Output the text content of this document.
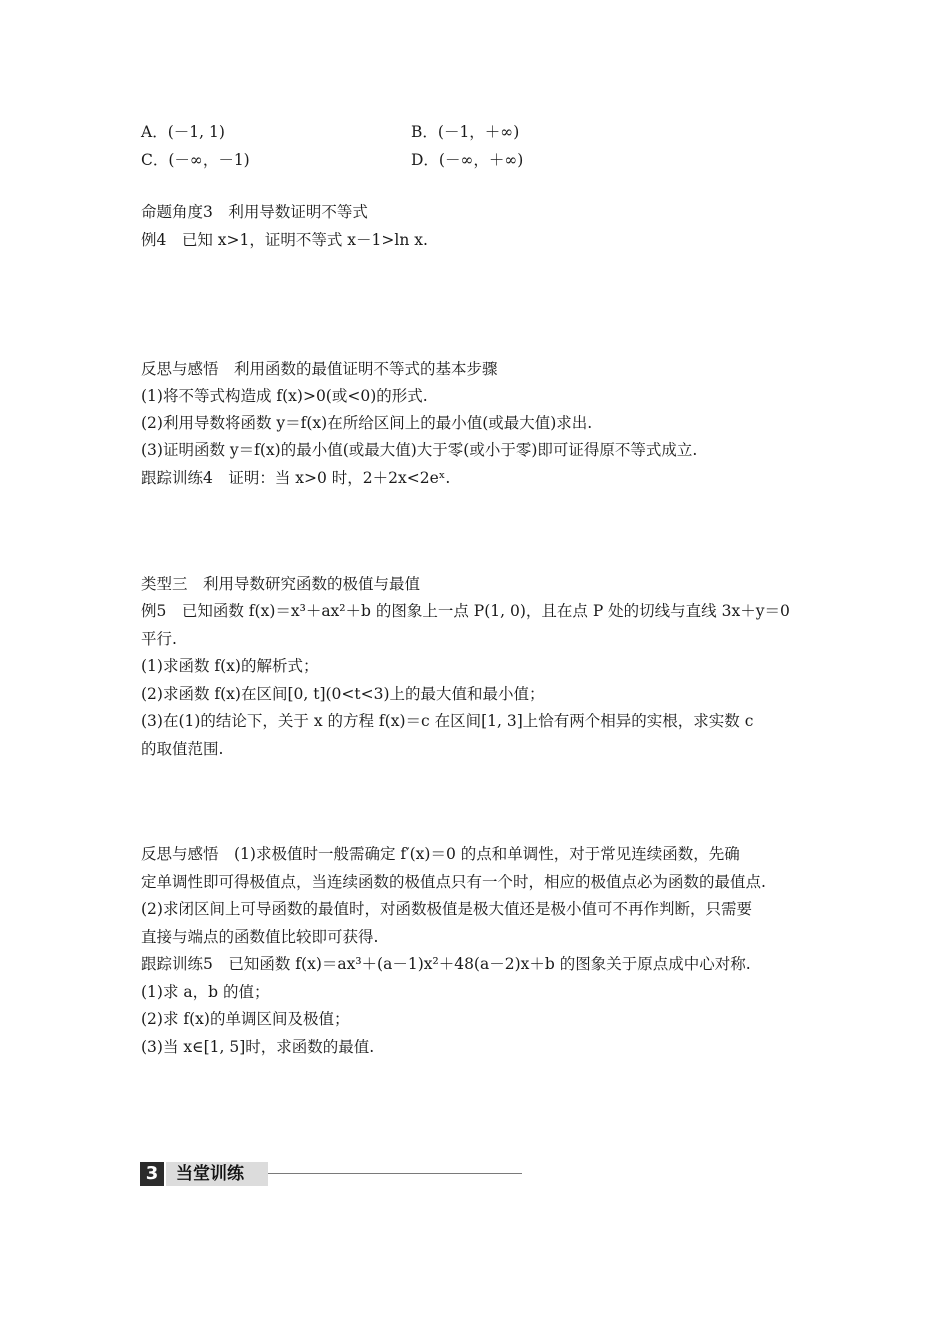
A．(－1, 1)	B．(－1，＋∞)
C．(－∞，－1)	D．(－∞，＋∞)
命题角度3　利用导数证明不等式
例4　已知 x>1，证明不等式 x－1>ln x.
反思与感悟　利用函数的最值证明不等式的基本步骤
(1)将不等式构造成 f(x)>0(或<0)的形式.
(2)利用导数将函数 y＝f(x)在所给区间上的最小值(或最大值)求出.
(3)证明函数 y＝f(x)的最小值(或最大值)大于零(或小于零)即可证得原不等式成立.
跟踪训练4　证明：当 x>0 时，2＋2x<2eˣ.
类型三　利用导数研究函数的极值与最值
例5　已知函数 f(x)＝x³＋ax²＋b 的图象上一点 P(1, 0)，且在点 P 处的切线与直线 3x＋y＝0
平行.
(1)求函数 f(x)的解析式；
(2)求函数 f(x)在区间[0, t](0<t<3)上的最大值和最小值；
(3)在(1)的结论下，关于 x 的方程 f(x)＝c 在区间[1, 3]上恰有两个相异的实根，求实数 c
的取值范围.
反思与感悟　(1)求极值时一般需确定 f′(x)＝0 的点和单调性，对于常见连续函数，先确
定单调性即可得极值点，当连续函数的极值点只有一个时，相应的极值点必为函数的最值点.
(2)求闭区间上可导函数的最值时，对函数极值是极大值还是极小值可不再作判断，只需要
直接与端点的函数值比较即可获得.
跟踪训练5　已知函数 f(x)＝ax³＋(a－1)x²＋48(a－2)x＋b 的图象关于原点成中心对称.
(1)求 a，b 的值；
(2)求 f(x)的单调区间及极值；
(3)当 x∈[1, 5]时，求函数的最值.
3	当堂训练
